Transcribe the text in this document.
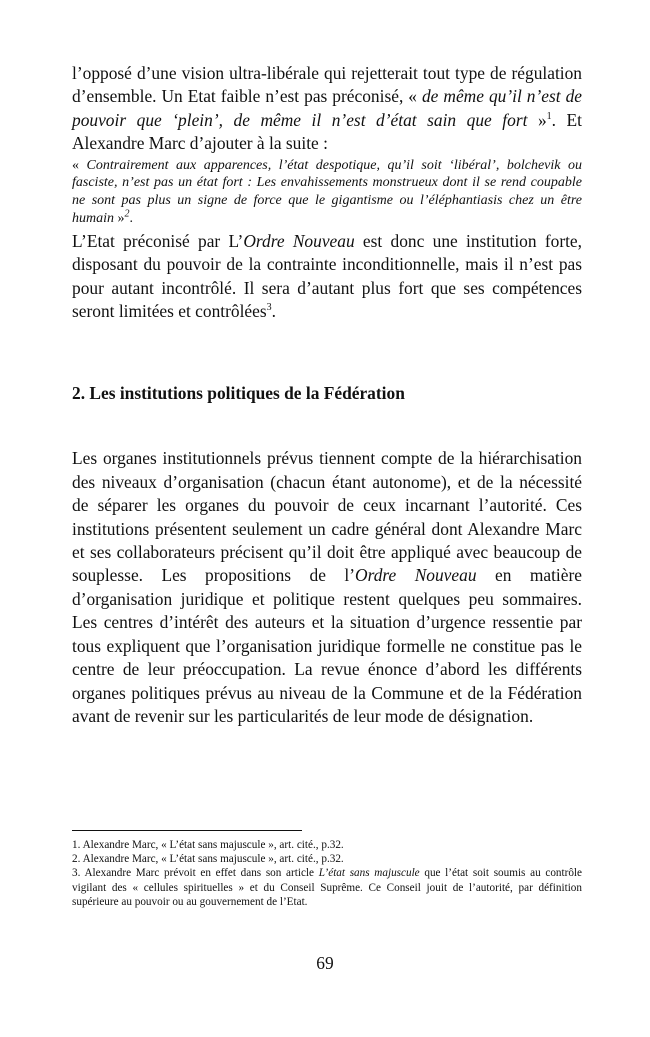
l’opposé d’une vision ultra-libérale qui rejetterait tout type de régulation d’ensemble. Un Etat faible n’est pas préconisé, « de même qu’il n’est de pouvoir que ‘plein’, de même il n’est d’état sain que fort »$^1$. Et Alexandre Marc d’ajouter à la suite :

« Contrairement aux apparences, l’état despotique, qu’il soit ‘libéral’, bolchevik ou fasciste, n’est pas un état fort : Les envahissements monstrueux dont il se rend coupable ne sont pas plus un signe de force que le gigantisme ou l’éléphantiasis chez un être humain »$^2$.

L’Etat préconisé par L’Ordre Nouveau est donc une institution forte, disposant du pouvoir de la contrainte inconditionnelle, mais il n’est pas pour autant incontrôlé. Il sera d’autant plus fort que ses compétences seront limitées et contrôlées$^3$.

2. Les institutions politiques de la Fédération

Les organes institutionnels prévus tiennent compte de la hiérarchisation des niveaux d’organisation (chacun étant autonome), et de la nécessité de séparer les organes du pouvoir de ceux incarnant l’autorité. Ces institutions présentent seulement un cadre général dont Alexandre Marc et ses collaborateurs précisent qu’il doit être appliqué avec beaucoup de souplesse. Les propositions de l’Ordre Nouveau en matière d’organisation juridique et politique restent quelques peu sommaires. Les centres d’intérêt des auteurs et la situation d’urgence ressentie par tous expliquent que l’organisation juridique formelle ne constitue pas le centre de leur préoccupation. La revue énonce d’abord les différents organes politiques prévus au niveau de la Commune et de la Fédération avant de revenir sur les particularités de leur mode de désignation.

1. Alexandre Marc, « L’état sans majuscule », art. cité., p.32.

2. Alexandre Marc, « L’état sans majuscule », art. cité., p.32.

3. Alexandre Marc prévoit en effet dans son article L’état sans majuscule que l’état soit soumis au contrôle vigilant des « cellules spirituelles » et du Conseil Suprême. Ce Conseil jouit de l’autorité, par définition supérieure au pouvoir ou au gouvernement de l’Etat.

69
